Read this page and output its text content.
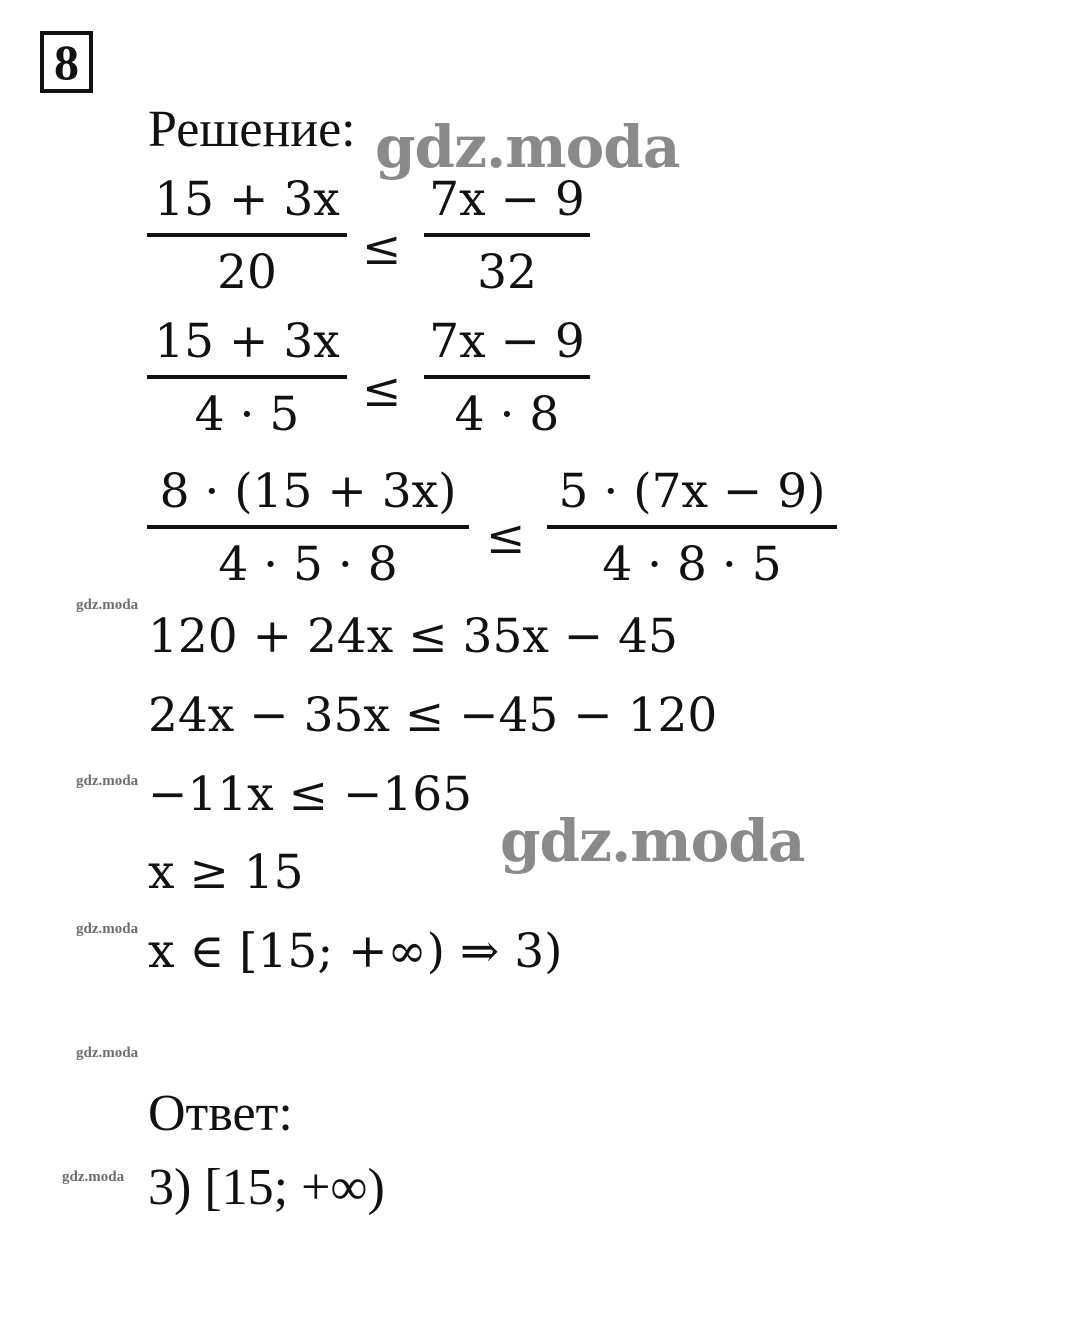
8
Решение:
15 + 3x
20	≤
7x − 9
32
15 + 3x
4 · 5	≤
7x − 9
4 · 8
8 · (15 + 3x)
4 · 5 · 8	≤
5 · (7x − 9)
4 · 8 · 5
120 + 24x ≤ 35x − 45
24x − 35x ≤ −45 − 120
−11x ≤ −165
x ≥ 15
x ∈ [15; +∞) ⇒ 3)
Ответ:
3) [15; +∞)
gdz.moda
gdz.moda
gdz.moda
gdz.moda
gdz.moda
gdz.moda
gdz.moda
